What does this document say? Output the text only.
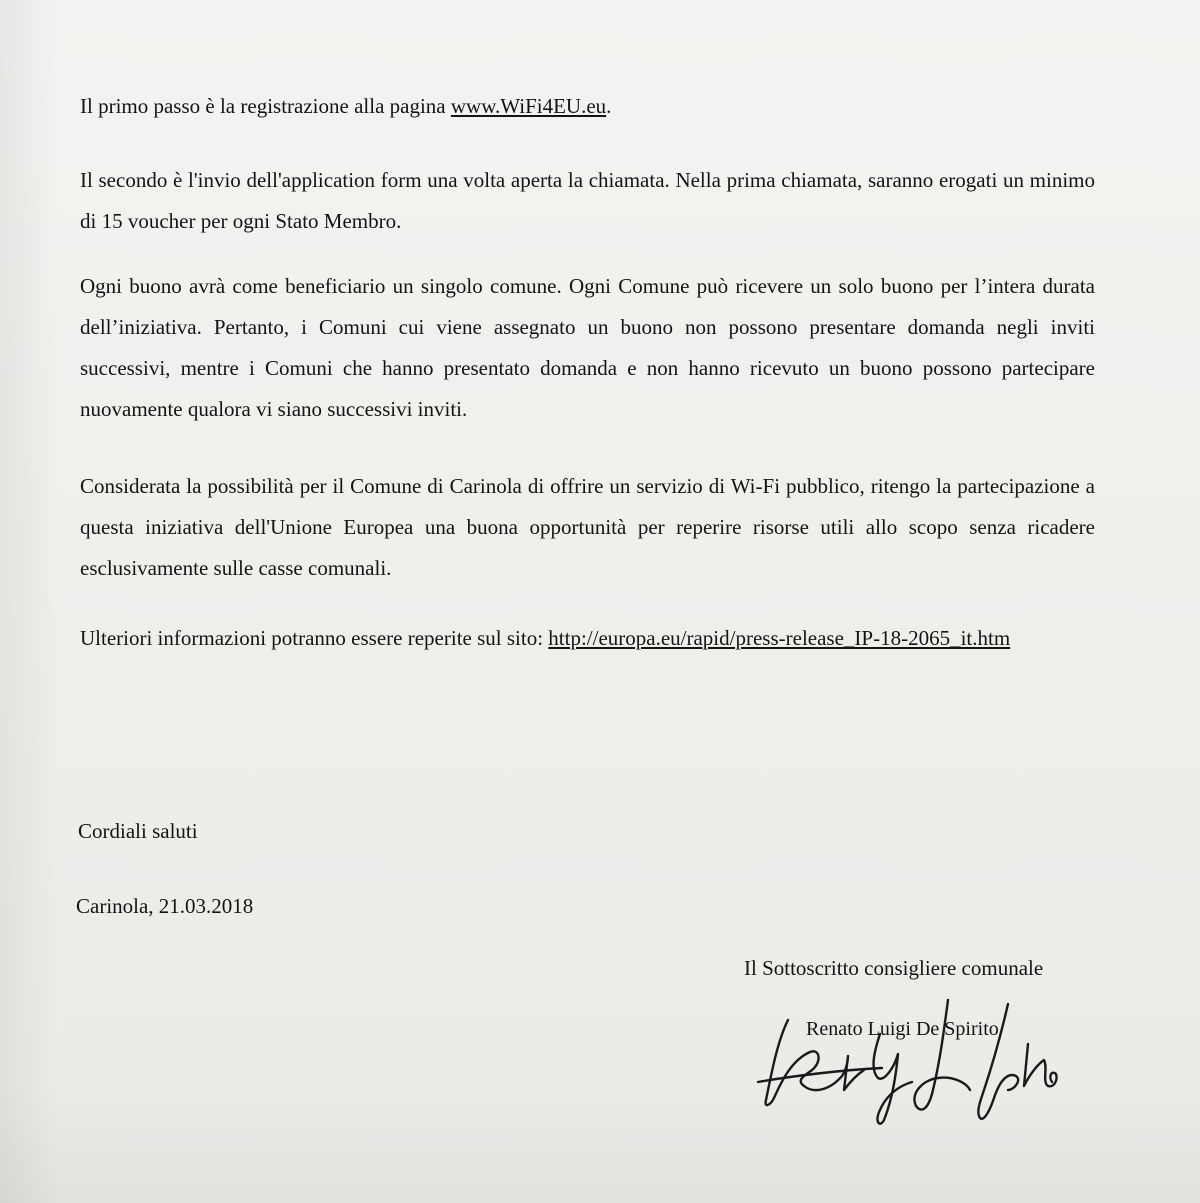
Il primo passo è la registrazione alla pagina www.WiFi4EU.eu.

Il secondo è l'invio dell'application form una volta aperta la chiamata. Nella prima chiamata, saranno erogati un minimo di 15 voucher per ogni Stato Membro.

Ogni buono avrà come beneficiario un singolo comune. Ogni Comune può ricevere un solo buono per l’intera durata dell’iniziativa. Pertanto, i Comuni cui viene assegnato un buono non possono presentare domanda negli inviti successivi, mentre i Comuni che hanno presentato domanda e non hanno ricevuto un buono possono partecipare nuovamente qualora vi siano successivi inviti.

Considerata la possibilità per il Comune di Carinola di offrire un servizio di Wi-Fi pubblico, ritengo la partecipazione a questa iniziativa dell'Unione Europea una buona opportunità per reperire risorse utili allo scopo senza ricadere esclusivamente sulle casse comunali.

Ulteriori informazioni potranno essere reperite sul sito: http://europa.eu/rapid/press-release_IP-18-2065_it.htm

Cordiali saluti

Carinola, 21.03.2018

Il Sottoscritto consigliere comunale

Renato Luigi De Spirito
